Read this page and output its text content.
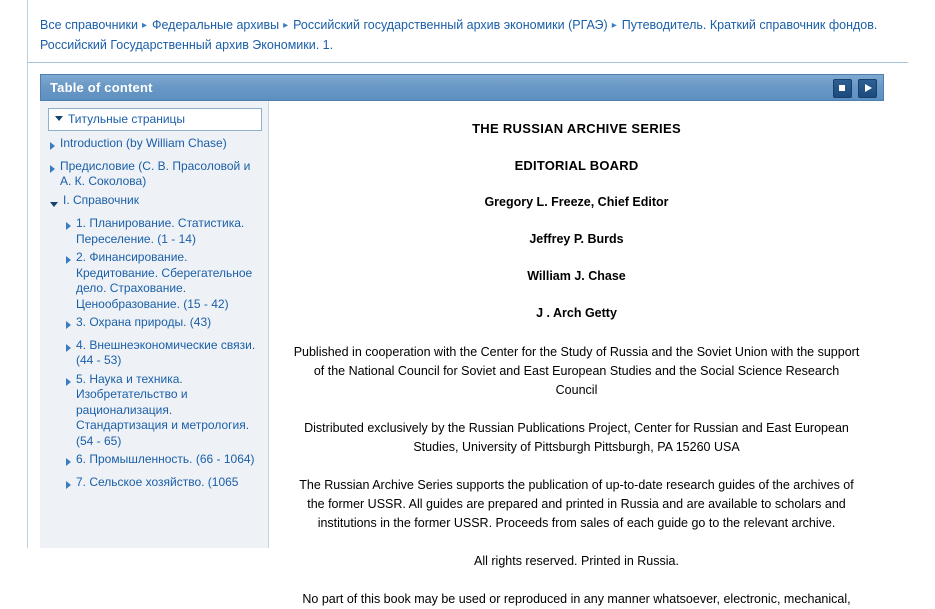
Все справочники ▸ Федеральные архивы ▸ Российский государственный архив экономики (РГАЭ) ▸ Путеводитель. Краткий справочник фондов. Российский Государственный архив Экономики. 1.
Table of content
Титульные страницы
Introduction (by William Chase)
Предисловие (С. В. Прасоловой и А. К. Соколова)
I. Справочник
1. Планирование. Статистика. Переселение. (1 - 14)
2. Финансирование. Кредитование. Сберегательное дело. Страхование. Ценообразование. (15 - 42)
3. Охрана природы. (43)
4. Внешнеэкономические связи. (44 - 53)
5. Наука и техника. Изобретательство и рационализация. Стандартизация и метрология. (54 - 65)
6. Промышленность. (66 - 1064)
7. Сельское хозяйство. (1065
THE RUSSIAN ARCHIVE SERIES
EDITORIAL BOARD
Gregory L. Freeze, Chief Editor
Jeffrey P. Burds
William J. Chase
J . Arch Getty

Published in cooperation with the Center for the Study of Russia and the Soviet Union with the support of the National Council for Soviet and East European Studies and the Social Science Research Council

Distributed exclusively by the Russian Publications Project, Center for Russian and East European Studies, University of Pittsburgh Pittsburgh, PA 15260 USA

The Russian Archive Series supports the publication of up-to-date research guides of the archives of the former USSR. All guides are prepared and printed in Russia and are available to scholars and institutions in the former USSR. Proceeds from sales of each guide go to the relevant archive.

All rights reserved. Printed in Russia.

No part of this book may be used or reproduced in any manner whatsoever, electronic, mechanical,
